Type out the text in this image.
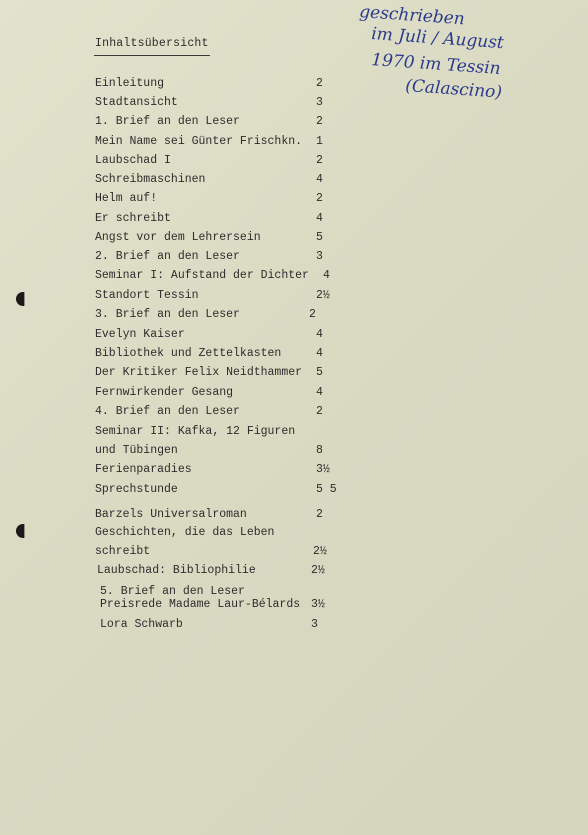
Inhaltsübersicht
geschrieben
im Juli / August
1970 im Tessin
(Calascino)
Einleitung	2
Stadtansicht	3
1. Brief an den Leser	2
Mein Name sei Günter Frischkn. 1
Laubschad I	2
Schreibmaschinen	4
Helm auf!	2
Er schreibt	4
Angst vor dem Lehrersein	5
2. Brief an den Leser	3
Seminar I: Aufstand der Dichter 4
Standort Tessin	2½
3. Brief an den Leser	2
Evelyn Kaiser	4
Bibliothek und Zettelkasten	4
Der Kritiker Felix Neidthammer 5
Fernwirkender Gesang	4
4. Brief an den Leser	2
Seminar II: Kafka, 12 Figuren
und Tübingen	8
Ferienparadies	3½
Sprechstunde	5 5
Barzels Universalroman	2
Geschichten, die das Leben
schreibt	2½
Laubschad: Bibliophilie	2½
5. Brief an den Leser
Preisrede Madame Laur-Bélards 3½
Lora Schwarb	3
